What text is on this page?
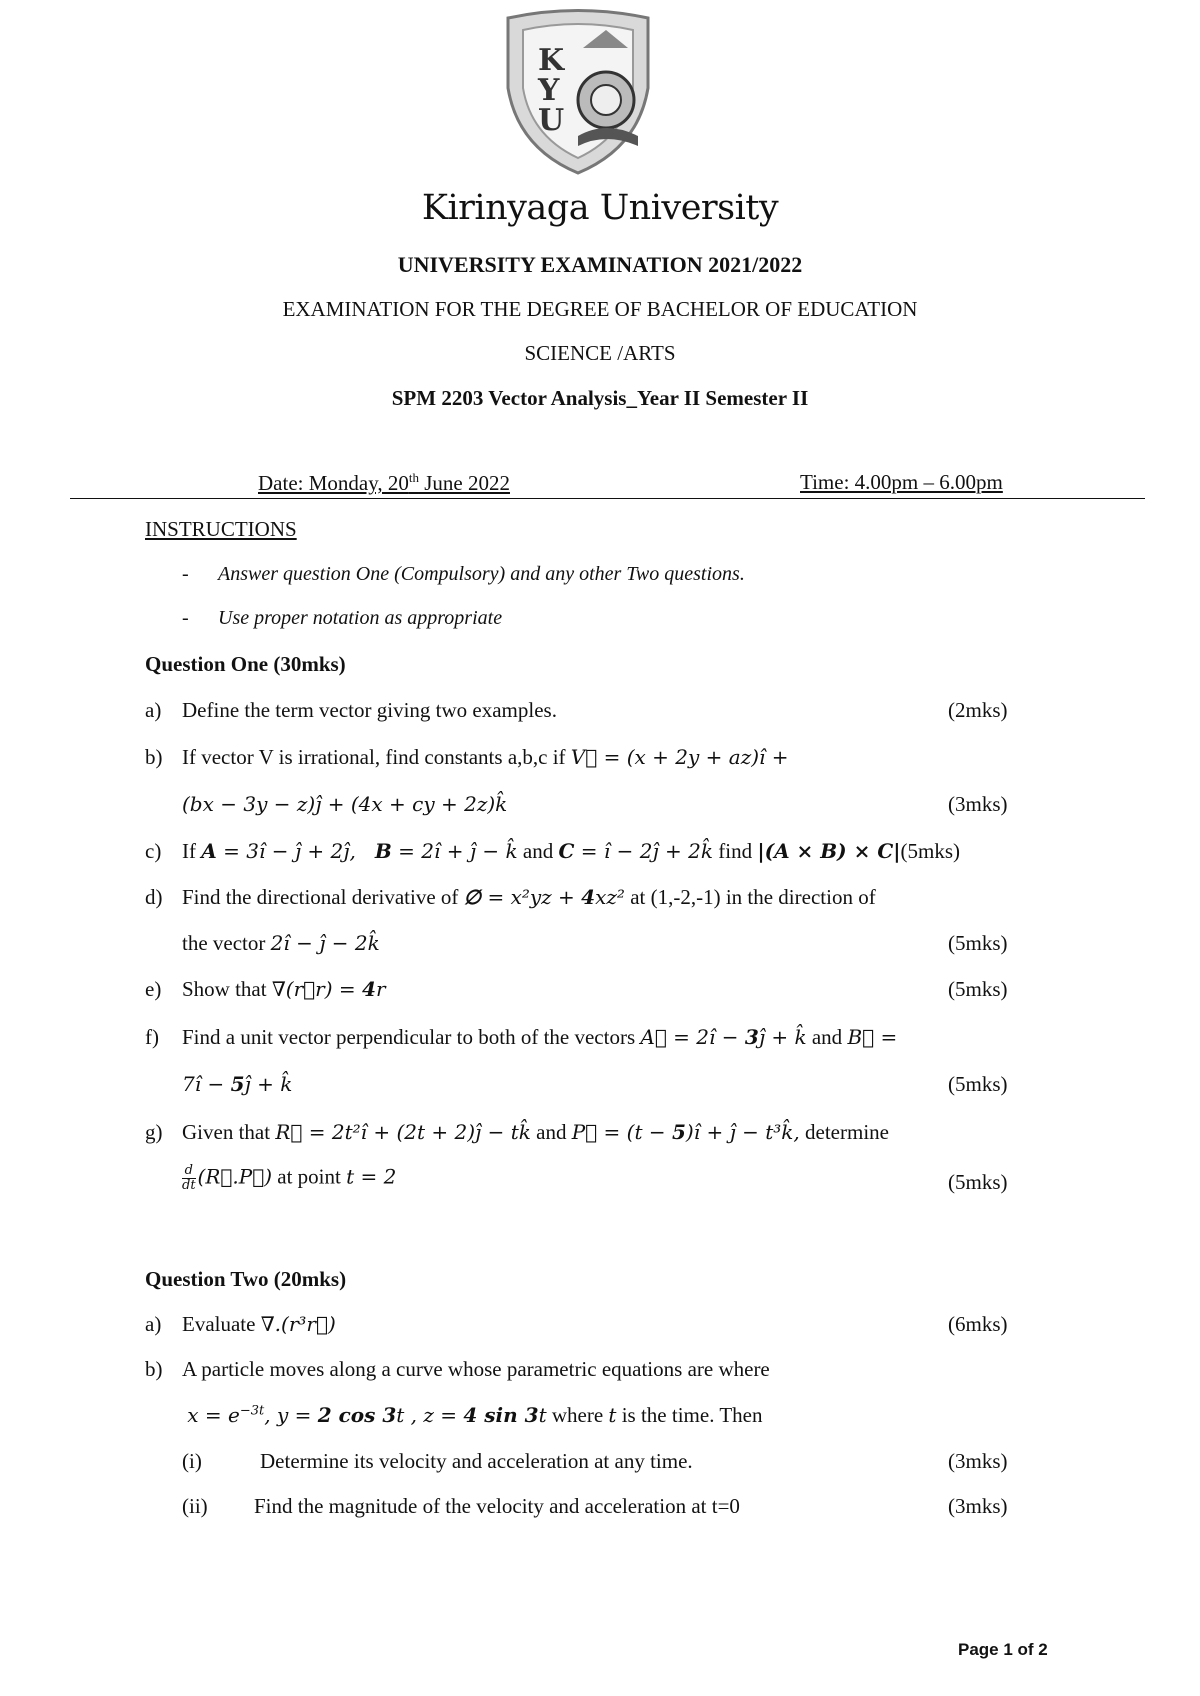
K
Y
U
Kirinyaga University
UNIVERSITY EXAMINATION 2021/2022
EXAMINATION FOR THE DEGREE OF BACHELOR OF EDUCATION
SCIENCE /ARTS
SPM 2203 Vector Analysis_Year II Semester II
Date: Monday, 20th June 2022	Time: 4.00pm – 6.00pm
INSTRUCTIONS
- Answer question One (Compulsory) and any other Two questions.
- Use proper notation as appropriate
Question One (30mks)
a) Define the term vector giving two examples.	(2mks)
b) If vector V is irrational, find constants a,b,c if V⃗ = (x + 2y + az)î +
(bx − 3y − z)ĵ + (4x + cy + 2z)k̂	(3mks)
c) If A = 3î − ĵ + 2ĵ,   B = 2î + ĵ − k̂ and C = î − 2ĵ + 2k̂ find |(A × B) × C|(5mks)
d) Find the directional derivative of ∅ = x²yz + 4xz² at (1,-2,-1) in the direction of
the vector 2î − ĵ − 2k̂	(5mks)
e) Show that ∇(r⃗r) = 4r	(5mks)
f) Find a unit vector perpendicular to both of the vectors A⃗ = 2î − 3ĵ + k̂ and B⃗ =
7î − 5ĵ + k̂	(5mks)
g) Given that R⃗ = 2t²î + (2t + 2)ĵ − tk̂ and P⃗ = (t − 5)î + ĵ − t³k̂, determine
$\frac{d}{dt}$ (R⃗.P⃗) at point t = 2	(5mks)
Question Two (20mks)
a) Evaluate ∇.(r³r⃗)	(6mks)
b) A particle moves along a curve whose parametric equations are where
$x = e^{-3t}$, y = 2 cos 3t , z = 4 sin 3t where t is the time. Then
(i)	Determine its velocity and acceleration at any time.	(3mks)
(ii) Find the magnitude of the velocity and acceleration at t=0	(3mks)
Page 1 of 2
